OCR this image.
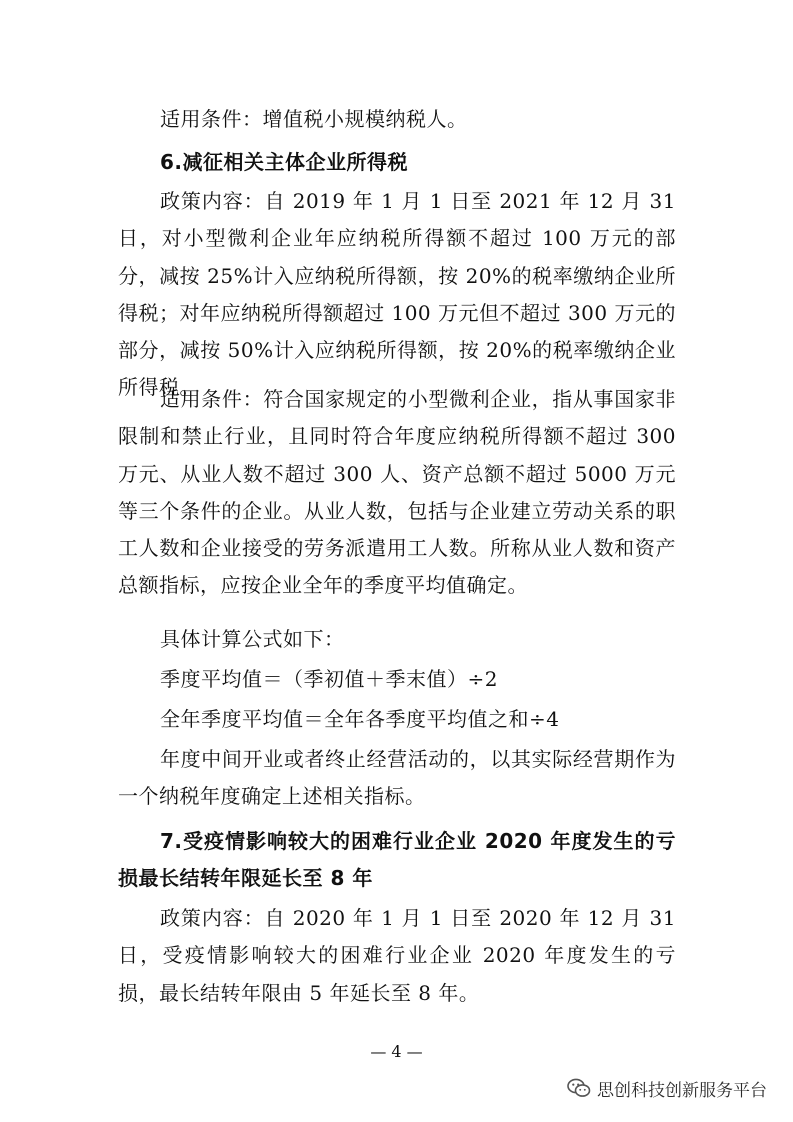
适用条件：增值税小规模纳税人。

6.减征相关主体企业所得税

政策内容：自 2019 年 1 月 1 日至 2021 年 12 月 31 日，对小型微利企业年应纳税所得额不超过 100 万元的部分，减按 25%计入应纳税所得额，按 20%的税率缴纳企业所得税；对年应纳税所得额超过 100 万元但不超过 300 万元的部分，减按 50%计入应纳税所得额，按 20%的税率缴纳企业所得税。

适用条件：符合国家规定的小型微利企业，指从事国家非限制和禁止行业，且同时符合年度应纳税所得额不超过 300 万元、从业人数不超过 300 人、资产总额不超过 5000 万元等三个条件的企业。从业人数，包括与企业建立劳动关系的职工人数和企业接受的劳务派遣用工人数。所称从业人数和资产总额指标，应按企业全年的季度平均值确定。

具体计算公式如下：

季度平均值＝（季初值＋季末值）÷2

全年季度平均值＝全年各季度平均值之和÷4

年度中间开业或者终止经营活动的，以其实际经营期作为一个纳税年度确定上述相关指标。

7.受疫情影响较大的困难行业企业 2020 年度发生的亏损最长结转年限延长至 8 年

政策内容：自 2020 年 1 月 1 日至 2020 年 12 月 31 日，受疫情影响较大的困难行业企业 2020 年度发生的亏损，最长结转年限由 5 年延长至 8 年。

— 4 —
思创科技创新服务平台
